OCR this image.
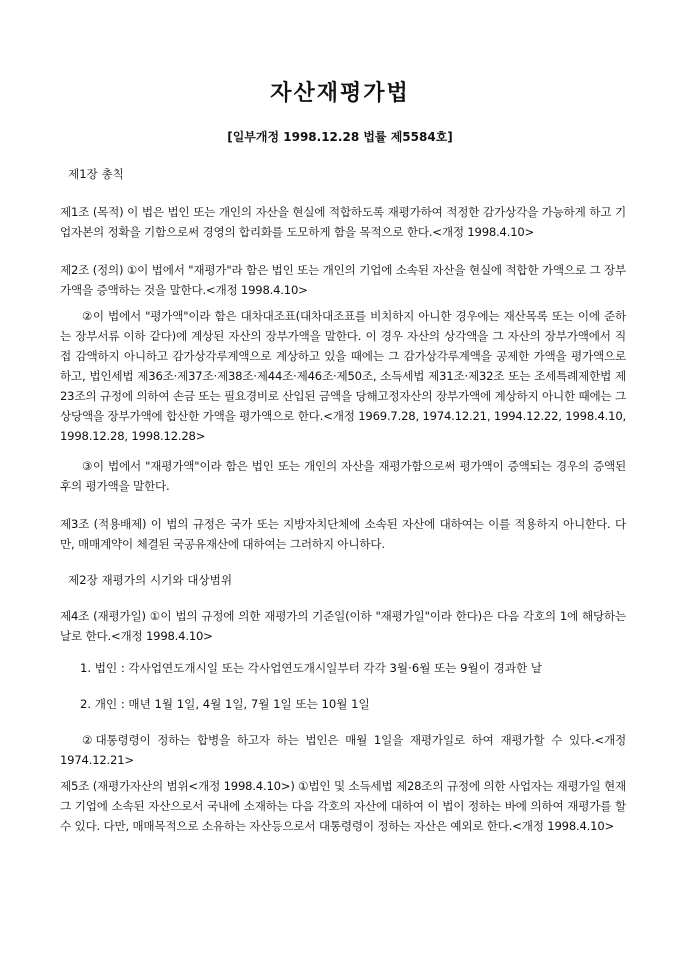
자산재평가법

[일부개정 1998.12.28 법률 제5584호]

제1장 총칙

제1조 (목적) 이 법은 법인 또는 개인의 자산을 현실에 적합하도록 재평가하여 적정한 감가상각을 가능하게 하고 기업자본의 정확을 기함으로써 경영의 합리화를 도모하게 함을 목적으로 한다.<개정 1998.4.10>

제2조 (정의) ①이 법에서 "재평가"라 함은 법인 또는 개인의 기업에 소속된 자산을 현실에 적합한 가액으로 그 장부가액을 증액하는 것을 말한다.<개정 1998.4.10>

②이 법에서 "평가액"이라 함은 대차대조표(대차대조표를 비치하지 아니한 경우에는 재산목록 또는 이에 준하는 장부서류 이하 같다)에 계상된 자산의 장부가액을 말한다. 이 경우 자산의 상각액을 그 자산의 장부가액에서 직접 감액하지 아니하고 감가상각루계액으로 계상하고 있을 때에는 그 감가상각루계액을 공제한 가액을 평가액으로 하고, 법인세법 제36조·제37조·제38조·제44조·제46조·제50조, 소득세법 제31조·제32조 또는 조세특례제한법 제23조의 규정에 의하여 손금 또는 필요경비로 산입된 금액을 당해고정자산의 장부가액에 계상하지 아니한 때에는 그 상당액을 장부가액에 합산한 가액을 평가액으로 한다.<개정 1969.7.28, 1974.12.21, 1994.12.22, 1998.4.10, 1998.12.28, 1998.12.28>

③이 법에서 "재평가액"이라 함은 법인 또는 개인의 자산을 재평가함으로써 평가액이 증액되는 경우의 증액된 후의 평가액을 말한다.

제3조 (적용배제) 이 법의 규정은 국가 또는 지방자치단체에 소속된 자산에 대하여는 이를 적용하지 아니한다. 다만, 매매계약이 체결된 국공유재산에 대하여는 그러하지 아니하다.

제2장 재평가의 시기와 대상범위

제4조 (재평가일) ①이 법의 규정에 의한 재평가의 기준일(이하 "재평가일"이라 한다)은 다음 각호의 1에 해당하는 날로 한다.<개정 1998.4.10>

1. 법인 : 각사업연도개시일 또는 각사업연도개시일부터 각각 3월·6월 또는 9월이 경과한 날

2. 개인 : 매년 1월 1일, 4월 1일, 7월 1일 또는 10월 1일

②대통령령이 정하는 합병을 하고자 하는 법인은 매월 1일을 재평가일로 하여 재평가할 수 있다.<개정 1974.12.21>

제5조 (재평가자산의 범위<개정 1998.4.10>) ①법인 및 소득세법 제28조의 규정에 의한 사업자는 재평가일 현재 그 기업에 소속된 자산으로서 국내에 소재하는 다음 각호의 자산에 대하여 이 법이 정하는 바에 의하여 재평가를 할 수 있다. 다만, 매매목적으로 소유하는 자산등으로서 대통령령이 정하는 자산은 예외로 한다.<개정 1998.4.10>
